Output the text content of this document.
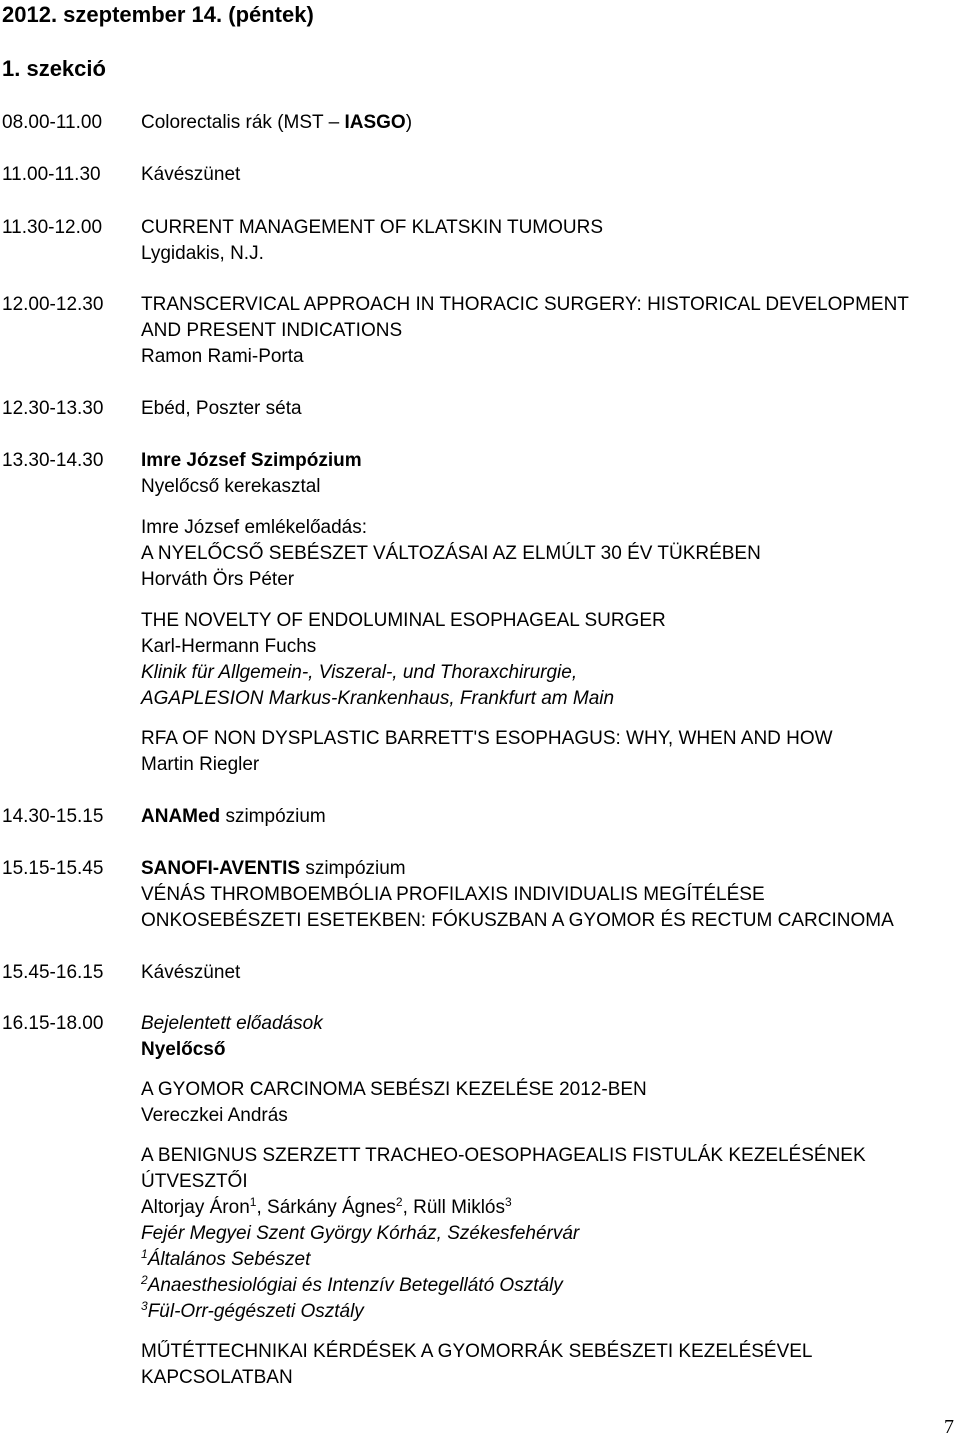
2012. szeptember 14. (péntek)
1. szekció
08.00-11.00 Colorectalis rák (MST – IASGO)
11.00-11.30 Kávészünet
11.30-12.00 CURRENT MANAGEMENT OF KLATSKIN TUMOURS
Lygidakis, N.J.
12.00-12.30 TRANSCERVICAL APPROACH IN THORACIC SURGERY: HISTORICAL DEVELOPMENT
AND PRESENT INDICATIONS
Ramon Rami-Porta
12.30-13.30 Ebéd, Poszter séta
13.30-14.30 Imre József Szimpózium
Nyelőcső kerekasztal
Imre József emlékelőadás:
A NYELŐCSŐ SEBÉSZET VÁLTOZÁSAI AZ ELMÚLT 30 ÉV TÜKRÉBEN
Horváth Örs Péter
THE NOVELTY OF ENDOLUMINAL ESOPHAGEAL SURGER
Karl-Hermann Fuchs
Klinik für Allgemein-, Viszeral-, und Thoraxchirurgie,
AGAPLESION Markus-Krankenhaus, Frankfurt am Main
RFA OF NON DYSPLASTIC BARRETT'S ESOPHAGUS: WHY, WHEN AND HOW
Martin Riegler
14.30-15.15 ANAMed szimpózium
15.15-15.45 SANOFI-AVENTIS szimpózium
VÉNÁS THROMBOEMBÓLIA PROFILAXIS INDIVIDUALIS MEGÍTÉLÉSE
ONKOSEBÉSZETI ESETEKBEN: FÓKUSZBAN A GYOMOR ÉS RECTUM CARCINOMA
15.45-16.15 Kávészünet
16.15-18.00 Bejelentett előadások
Nyelőcső
A GYOMOR CARCINOMA SEBÉSZI KEZELÉSE 2012-BEN
Vereczkei András
A BENIGNUS SZERZETT TRACHEO-OESOPHAGEALIS FISTULÁK KEZELÉSÉNEK
ÚTVESZTŐI
Altorjay Áron$^1$, Sárkány Ágnes$^2$, Rüll Miklós$^3$
Fejér Megyei Szent György Kórház, Székesfehérvár
$^1$Általános Sebészet
$^2$Anaesthesiológiai és Intenzív Betegellátó Osztály
$^3$Fül-Orr-gégészeti Osztály
MŰTÉTTECHNIKAI KÉRDÉSEK A GYOMORRÁK SEBÉSZETI KEZELÉSÉVEL
KAPCSOLATBAN
7
